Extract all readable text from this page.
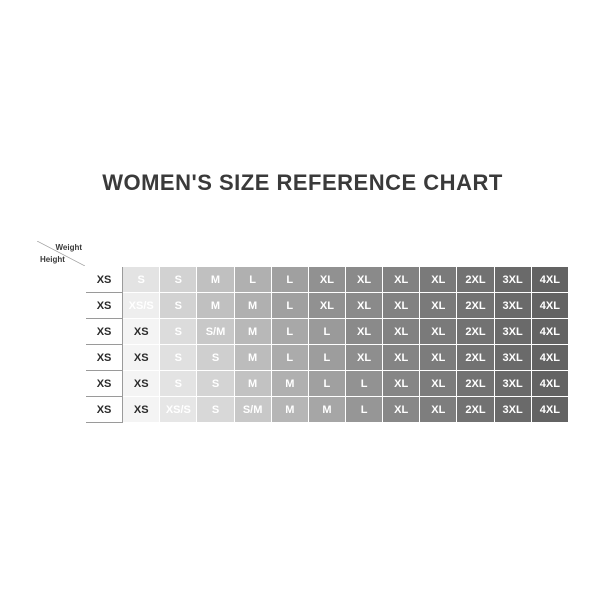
WOMEN'S SIZE REFERENCE CHART
Weight
Height	50kg	55kg	60kg	65kg	70kg	75kg	80kg	85kg	90kg	95kg	100kg	110kg	120kg
1.50m	XS	S	S	M	L	L	XL	XL	XL	XL	2XL	3XL	4XL
1.55m	XS	XS/S	S	M	M	L	XL	XL	XL	XL	2XL	3XL	4XL
1.60m	XS	XS	S	S/M	M	L	L	XL	XL	XL	2XL	3XL	4XL
1.65m	XS	XS	S	S	M	L	L	XL	XL	XL	2XL	3XL	4XL
1.70m	XS	XS	S	S	M	M	L	L	XL	XL	2XL	3XL	4XL
1.75m	XS	XS	XS/S	S	S/M	M	M	L	XL	XL	2XL	3XL	4XL
